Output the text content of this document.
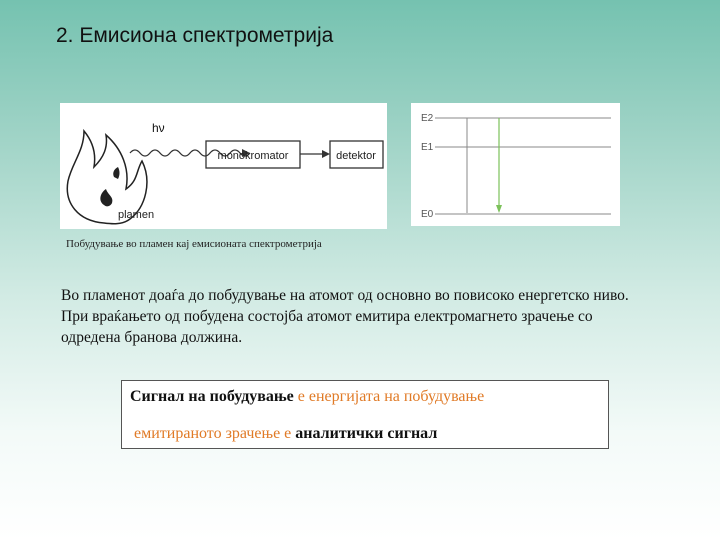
2. Емисиона спектрометрија
plamen
hν
monokromator	detektor
E2
E1
E0
Побудување во пламен кај емисионата спектрометрија
Во пламенот доаѓа до побудување на атомот од основно во повисоко енергетско ниво. При враќањето од побудена состојба атомот емитира електромагнето зрачење со одредена бранова должина.
Сигнал на побудување е енергијата на побудување
емитираното зрачење е аналитички сигнал
